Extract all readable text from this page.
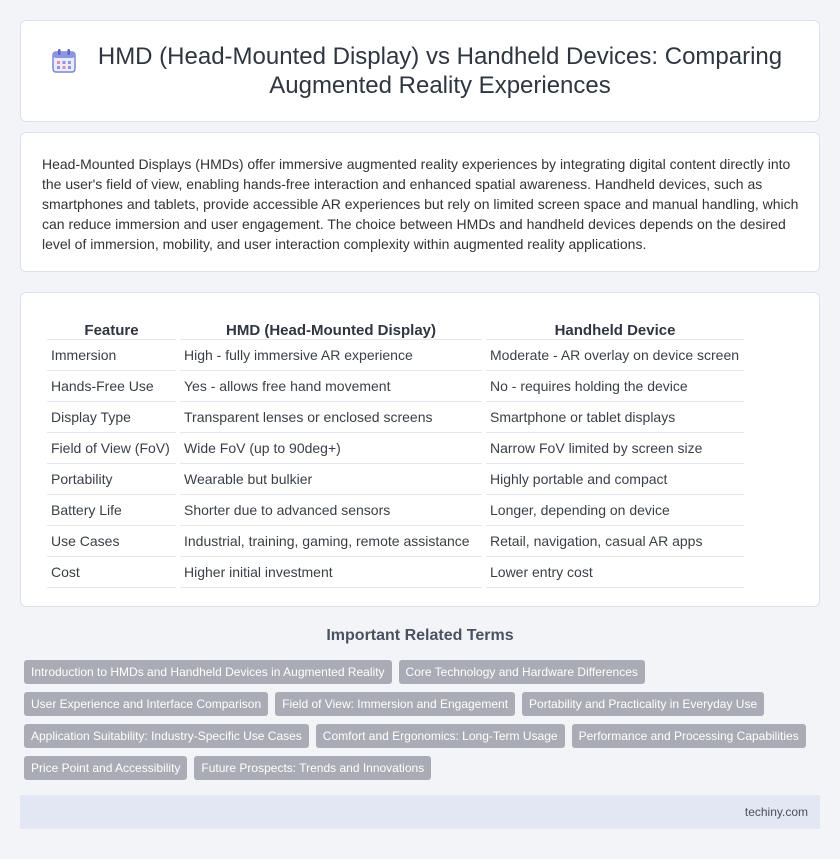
HMD (Head-Mounted Display) vs Handheld Devices: Comparing Augmented Reality Experiences

Head-Mounted Displays (HMDs) offer immersive augmented reality experiences by integrating digital content directly into the user's field of view, enabling hands-free interaction and enhanced spatial awareness. Handheld devices, such as smartphones and tablets, provide accessible AR experiences but rely on limited screen space and manual handling, which can reduce immersion and user engagement. The choice between HMDs and handheld devices depends on the desired level of immersion, mobility, and user interaction complexity within augmented reality applications.

Feature	HMD (Head-Mounted Display)	Handheld Device
Immersion	High - fully immersive AR experience	Moderate - AR overlay on device screen
Hands-Free Use	Yes - allows free hand movement	No - requires holding the device
Display Type	Transparent lenses or enclosed screens	Smartphone or tablet displays
Field of View (FoV)	Wide FoV (up to 90deg+)	Narrow FoV limited by screen size
Portability	Wearable but bulkier	Highly portable and compact
Battery Life	Shorter due to advanced sensors	Longer, depending on device
Use Cases	Industrial, training, gaming, remote assistance	Retail, navigation, casual AR apps
Cost	Higher initial investment	Lower entry cost
Important Related Terms
Introduction to HMDs and Handheld Devices in Augmented Reality	Core Technology and Hardware Differences
User Experience and Interface Comparison	Field of View: Immersion and Engagement	Portability and Practicality in Everyday Use
Application Suitability: Industry-Specific Use Cases	Comfort and Ergonomics: Long-Term Usage	Performance and Processing Capabilities
Price Point and Accessibility	Future Prospects: Trends and Innovations
techiny.com
